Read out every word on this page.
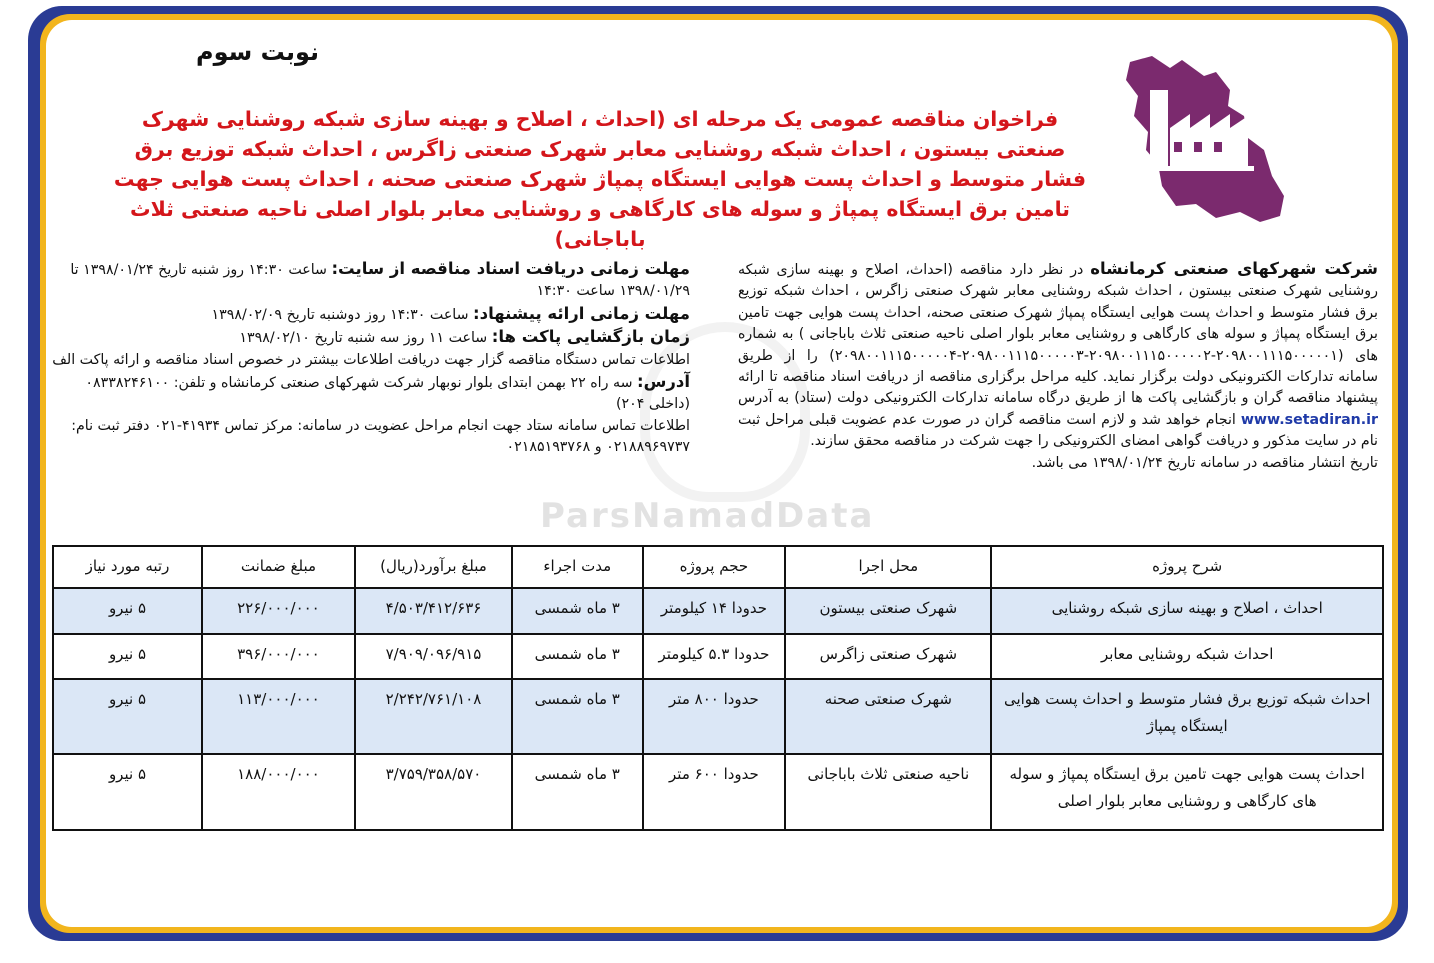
نوبت سوم
فراخوان مناقصه عمومی یک مرحله ای (احداث ، اصلاح و بهینه سازی شبکه روشنایی شهرک صنعتی بیستون ، احداث شبکه روشنایی معابر شهرک صنعتی زاگرس ، احداث شبکه توزیع برق فشار متوسط و احداث پست هوایی ایستگاه پمپاژ شهرک صنعتی صحنه ، احداث پست هوایی جهت تامین برق ایستگاه پمپاژ و سوله های کارگاهی و روشنایی معابر بلوار اصلی ناحیه صنعتی ثلاث باباجانی)
شرکت شهرکهای صنعتی کرمانشاه در نظر دارد مناقصه (احداث، اصلاح و بهینه سازی شبکه روشنایی شهرک صنعتی بیستون ، احداث شبکه روشنایی معابر شهرک صنعتی زاگرس ، احداث شبکه توزیع برق فشار متوسط و احداث پست هوایی ایستگاه پمپاژ شهرک صنعتی صحنه، احداث پست هوایی جهت تامین برق ایستگاه پمپاژ و سوله های کارگاهی و روشنایی معابر بلوار اصلی ناحیه صنعتی ثلاث باباجانی ) به شماره های (۲۰۹۸۰۰۱۱۱۵۰۰۰۰۰۱-۲۰۹۸۰۰۱۱۱۵۰۰۰۰۰۲-۲۰۹۸۰۰۱۱۱۵۰۰۰۰۰۳-۲۰۹۸۰۰۱۱۱۵۰۰۰۰۰۴) را از طریق سامانه تدارکات الکترونیکی دولت برگزار نماید. کلیه مراحل برگزاری مناقصه از دریافت اسناد مناقصه تا ارائه پیشنهاد مناقصه گران و بازگشایی پاکت ها از طریق درگاه سامانه تدارکات الکترونیکی دولت (ستاد) به آدرس www.setadiran.ir انجام خواهد شد و لازم است مناقصه گران در صورت عدم عضویت قبلی مراحل ثبت نام در سایت مذکور و دریافت گواهی امضای الکترونیکی را جهت شرکت در مناقصه محقق سازند.
تاریخ انتشار مناقصه در سامانه تاریخ ۱۳۹۸/۰۱/۲۴ می باشد.
مهلت زمانی دریافت اسناد مناقصه از سایت: ساعت ۱۴:۳۰ روز شنبه تاریخ ۱۳۹۸/۰۱/۲۴ تا ۱۳۹۸/۰۱/۲۹ ساعت ۱۴:۳۰
مهلت زمانی ارائه پیشنهاد: ساعت ۱۴:۳۰ روز دوشنبه تاریخ ۱۳۹۸/۰۲/۰۹
زمان بازگشایی پاکت ها: ساعت ۱۱ روز سه شنبه تاریخ ۱۳۹۸/۰۲/۱۰
اطلاعات تماس دستگاه مناقصه گزار جهت دریافت اطلاعات بیشتر در خصوص اسناد مناقصه و ارائه پاکت الف
آدرس: سه راه ۲۲ بهمن ابتدای بلوار نوبهار شرکت شهرکهای صنعتی کرمانشاه و تلفن: ۰۸۳۳۸۲۴۶۱۰۰ (داخلی ۲۰۴)
اطلاعات تماس سامانه ستاد جهت انجام مراحل عضویت در سامانه: مرکز تماس ۴۱۹۳۴-۰۲۱ دفتر ثبت نام: ۰۲۱۸۸۹۶۹۷۳۷ و ۰۲۱۸۵۱۹۳۷۶۸
ParsNamadData
شرح پروژه	محل اجرا	حجم پروژه	مدت اجراء	مبلغ برآورد(ریال)	مبلغ ضمانت	رتبه مورد نیاز
احداث ، اصلاح و بهینه سازی شبکه روشنایی	شهرک صنعتی بیستون	حدودا ۱۴ کیلومتر	۳ ماه شمسی	۴/۵۰۳/۴۱۲/۶۳۶	۲۲۶/۰۰۰/۰۰۰	۵ نیرو
احداث شبکه روشنایی معابر	شهرک صنعتی زاگرس	حدودا ۵.۳ کیلومتر	۳ ماه شمسی	۷/۹۰۹/۰۹۶/۹۱۵	۳۹۶/۰۰۰/۰۰۰	۵ نیرو
احداث شبکه توزیع برق فشار متوسط و احداث پست هوایی ایستگاه پمپاژ	شهرک صنعتی صحنه	حدودا ۸۰۰ متر	۳ ماه شمسی	۲/۲۴۲/۷۶۱/۱۰۸	۱۱۳/۰۰۰/۰۰۰	۵ نیرو
احداث پست هوایی جهت تامین برق ایستگاه پمپاژ و سوله های کارگاهی و روشنایی معابر بلوار اصلی	ناحیه صنعتی ثلاث باباجانی	حدودا ۶۰۰ متر	۳ ماه شمسی	۳/۷۵۹/۳۵۸/۵۷۰	۱۸۸/۰۰۰/۰۰۰	۵ نیرو
